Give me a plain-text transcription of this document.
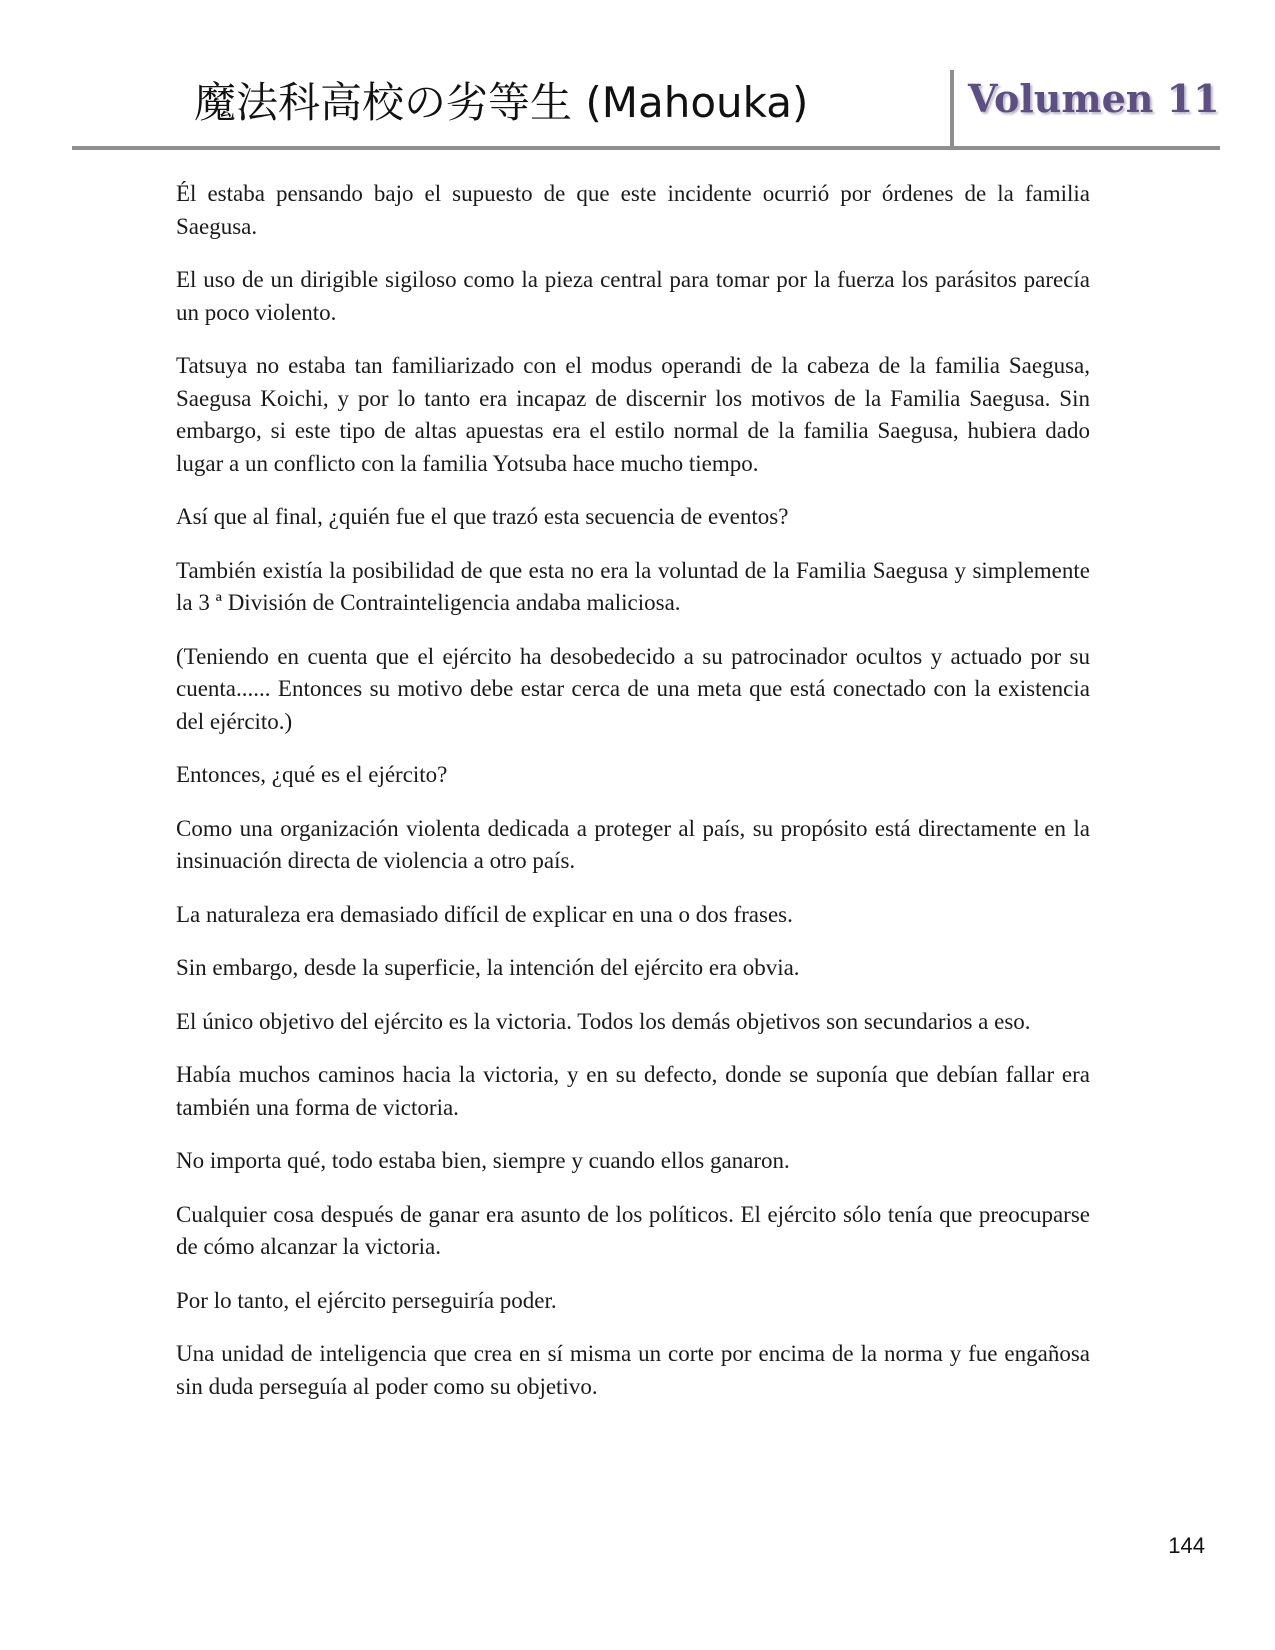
魔法科高校の劣等生 (Mahouka)	Volumen 11

Él estaba pensando bajo el supuesto de que este incidente ocurrió por órdenes de la familia Saegusa.

El uso de un dirigible sigiloso como la pieza central para tomar por la fuerza los parásitos parecía un poco violento.

Tatsuya no estaba tan familiarizado con el modus operandi de la cabeza de la familia Saegusa, Saegusa Koichi, y por lo tanto era incapaz de discernir los motivos de la Familia Saegusa. Sin embargo, si este tipo de altas apuestas era el estilo normal de la familia Saegusa, hubiera dado lugar a un conflicto con la familia Yotsuba hace mucho tiempo.

Así que al final, ¿quién fue el que trazó esta secuencia de eventos?

También existía la posibilidad de que esta no era la voluntad de la Familia Saegusa y simplemente la 3 ª División de Contrainteligencia andaba maliciosa.

(Teniendo en cuenta que el ejército ha desobedecido a su patrocinador ocultos y actuado por su cuenta...... Entonces su motivo debe estar cerca de una meta que está conectado con la existencia del ejército.)

Entonces, ¿qué es el ejército?

Como una organización violenta dedicada a proteger al país, su propósito está directamente en la insinuación directa de violencia a otro país.

La naturaleza era demasiado difícil de explicar en una o dos frases.

Sin embargo, desde la superficie, la intención del ejército era obvia.

El único objetivo del ejército es la victoria. Todos los demás objetivos son secundarios a eso.

Había muchos caminos hacia la victoria, y en su defecto, donde se suponía que debían fallar era también una forma de victoria.

No importa qué, todo estaba bien, siempre y cuando ellos ganaron.

Cualquier cosa después de ganar era asunto de los políticos. El ejército sólo tenía que preocuparse de cómo alcanzar la victoria.

Por lo tanto, el ejército perseguiría poder.

Una unidad de inteligencia que crea en sí misma un corte por encima de la norma y fue engañosa sin duda perseguía al poder como su objetivo.

144
